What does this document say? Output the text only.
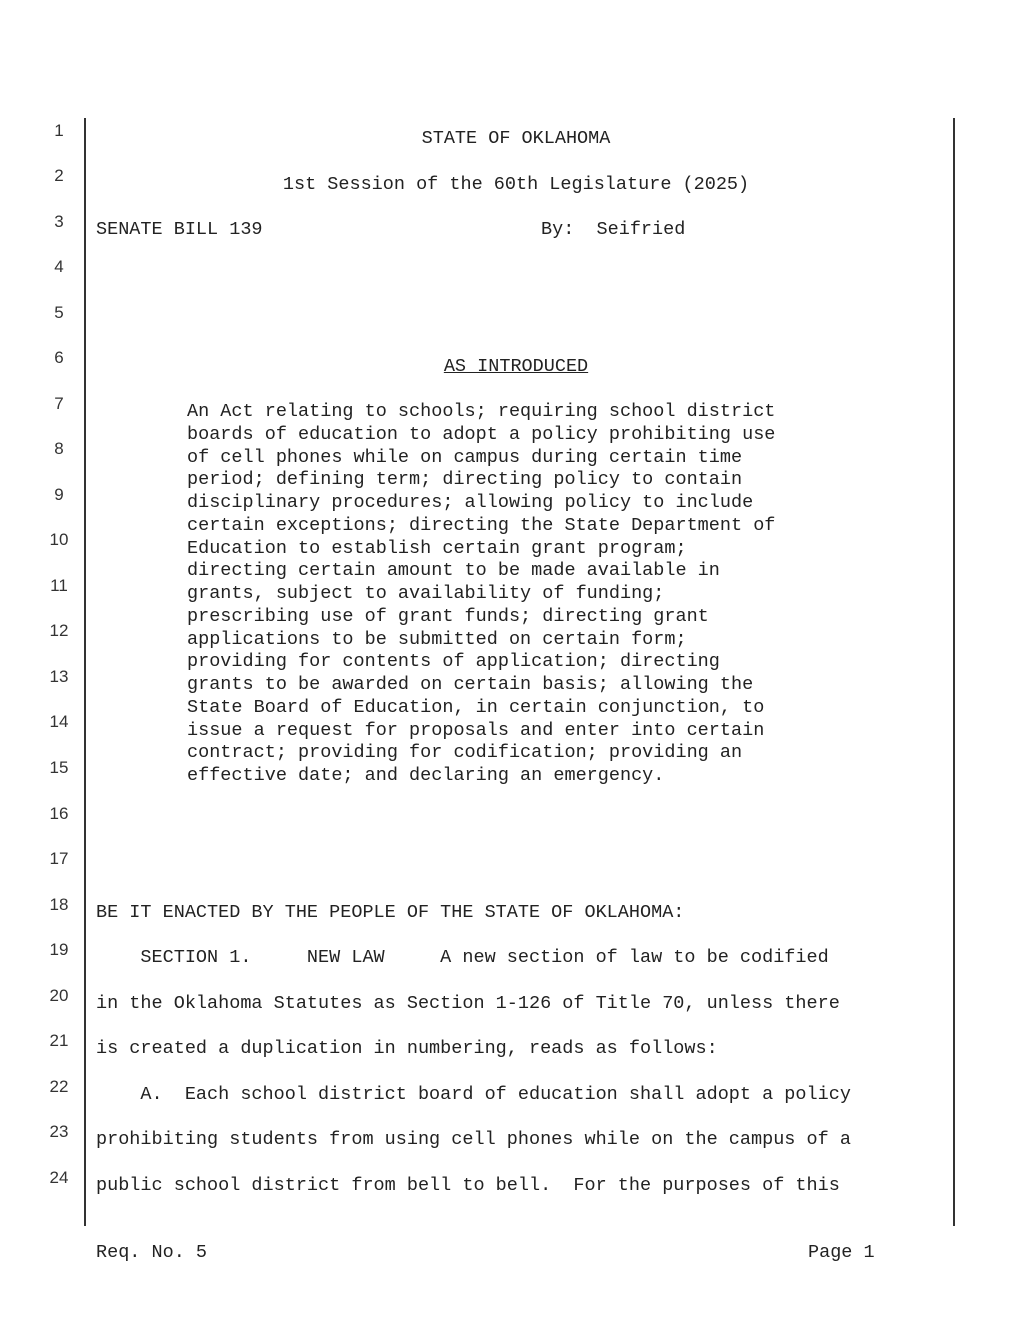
1
2
3
4
5
6
7
8
9
10
11
12
13
14
15
16
17
18
19
20
21
22
23
24
STATE OF OKLAHOMA
1st Session of the 60th Legislature (2025)
SENATE BILL 139	By:  Seifried
AS INTRODUCED
An Act relating to schools; requiring school district
boards of education to adopt a policy prohibiting use
of cell phones while on campus during certain time
period; defining term; directing policy to contain
disciplinary procedures; allowing policy to include
certain exceptions; directing the State Department of
Education to establish certain grant program;
directing certain amount to be made available in
grants, subject to availability of funding;
prescribing use of grant funds; directing grant
applications to be submitted on certain form;
providing for contents of application; directing
grants to be awarded on certain basis; allowing the
State Board of Education, in certain conjunction, to
issue a request for proposals and enter into certain
contract; providing for codification; providing an
effective date; and declaring an emergency.
BE IT ENACTED BY THE PEOPLE OF THE STATE OF OKLAHOMA:
SECTION 1.     NEW LAW     A new section of law to be codified
in the Oklahoma Statutes as Section 1-126 of Title 70, unless there
is created a duplication in numbering, reads as follows:
A.  Each school district board of education shall adopt a policy
prohibiting students from using cell phones while on the campus of a
public school district from bell to bell.  For the purposes of this
Req. No. 5	Page 1
